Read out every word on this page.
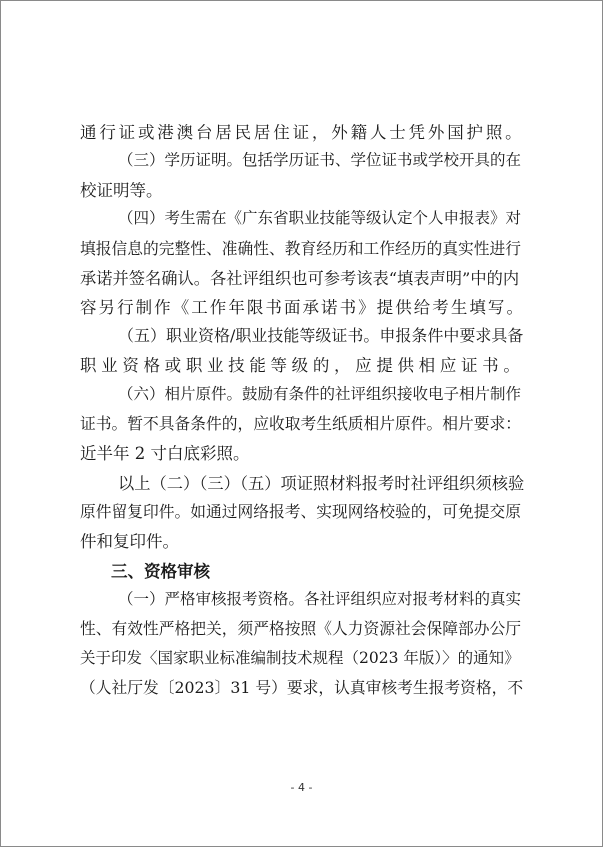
通行证或港澳台居民居住证，外籍人士凭外国护照。

（三）学历证明。包括学历证书、学位证书或学校开具的在

校证明等。

（四）考生需在《广东省职业技能等级认定个人申报表》对

填报信息的完整性、准确性、教育经历和工作经历的真实性进行

承诺并签名确认。各社评组织也可参考该表“填表声明”中的内

容另行制作《工作年限书面承诺书》提供给考生填写。

（五）职业资格/职业技能等级证书。申报条件中要求具备

职业资格或职业技能等级的，应提供相应证书。

（六）相片原件。鼓励有条件的社评组织接收电子相片制作

证书。暂不具备条件的，应收取考生纸质相片原件。相片要求：

近半年 2 寸白底彩照。

以上（二）（三）（五）项证照材料报考时社评组织须核验

原件留复印件。如通过网络报考、实现网络校验的，可免提交原

件和复印件。

三、资格审核

（一）严格审核报考资格。各社评组织应对报考材料的真实

性、有效性严格把关，须严格按照《人力资源社会保障部办公厅

关于印发〈国家职业标准编制技术规程（2023 年版）〉的通知》

（人社厅发〔2023〕31 号）要求，认真审核考生报考资格，不

- 4 -
